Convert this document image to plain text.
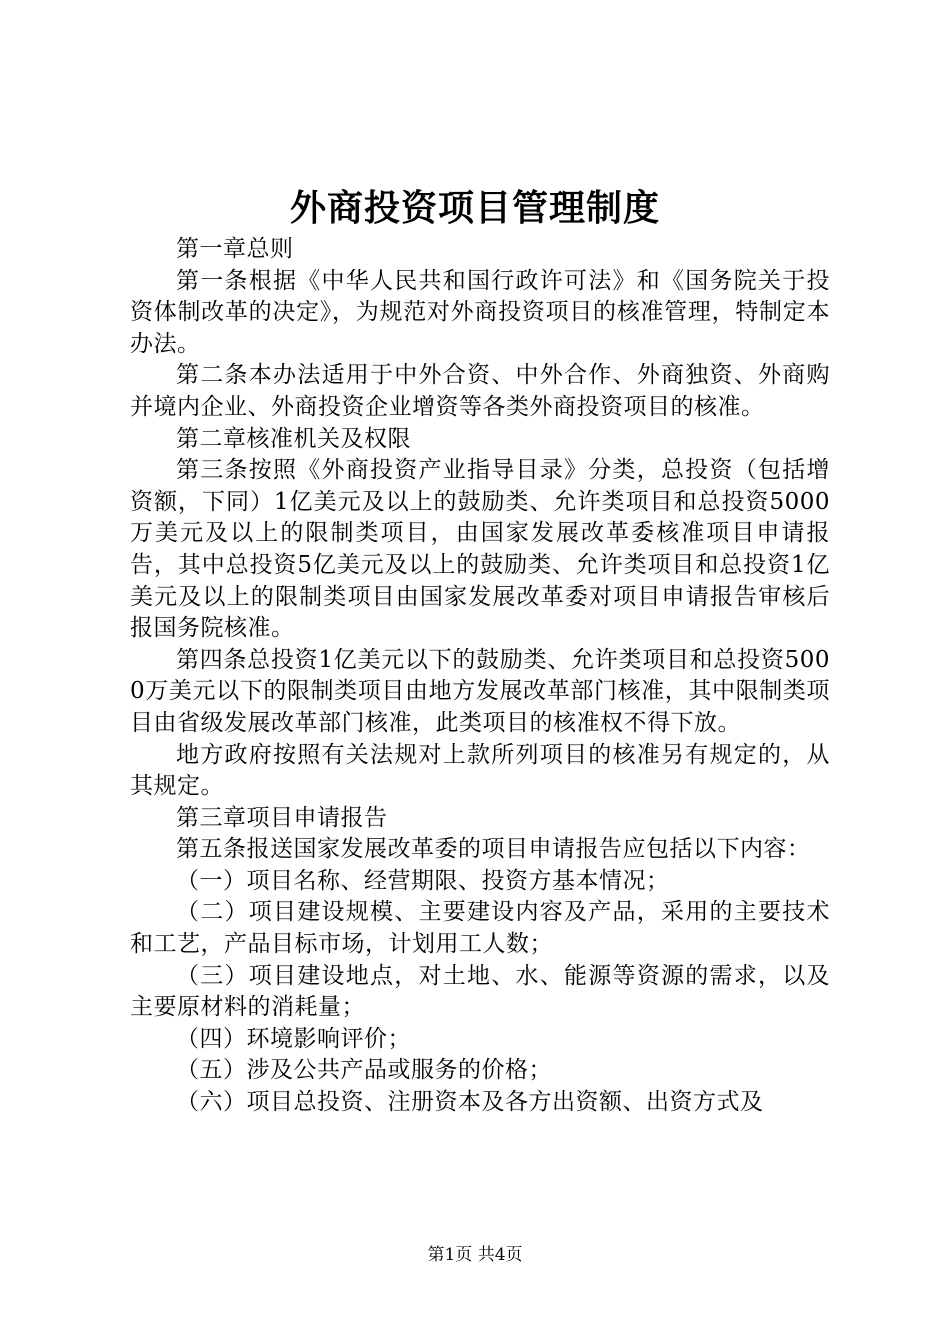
外商投资项目管理制度

第一章总则

第一条根据《中华人民共和国行政许可法》和《国务院关于投资体制改革的决定》，为规范对外商投资项目的核准管理，特制定本办法。

第二条本办法适用于中外合资、中外合作、外商独资、外商购并境内企业、外商投资企业增资等各类外商投资项目的核准。

第二章核准机关及权限

第三条按照《外商投资产业指导目录》分类，总投资（包括增资额，下同）1亿美元及以上的鼓励类、允许类项目和总投资5000万美元及以上的限制类项目，由国家发展改革委核准项目申请报告，其中总投资5亿美元及以上的鼓励类、允许类项目和总投资1亿美元及以上的限制类项目由国家发展改革委对项目申请报告审核后报国务院核准。

第四条总投资1亿美元以下的鼓励类、允许类项目和总投资5000万美元以下的限制类项目由地方发展改革部门核准，其中限制类项目由省级发展改革部门核准，此类项目的核准权不得下放。

地方政府按照有关法规对上款所列项目的核准另有规定的，从其规定。

第三章项目申请报告

第五条报送国家发展改革委的项目申请报告应包括以下内容：

（一）项目名称、经营期限、投资方基本情况；

（二）项目建设规模、主要建设内容及产品，采用的主要技术和工艺，产品目标市场，计划用工人数；

（三）项目建设地点，对土地、水、能源等资源的需求，以及主要原材料的消耗量；

（四）环境影响评价；

（五）涉及公共产品或服务的价格；

（六）项目总投资、注册资本及各方出资额、出资方式及

第1页 共4页
